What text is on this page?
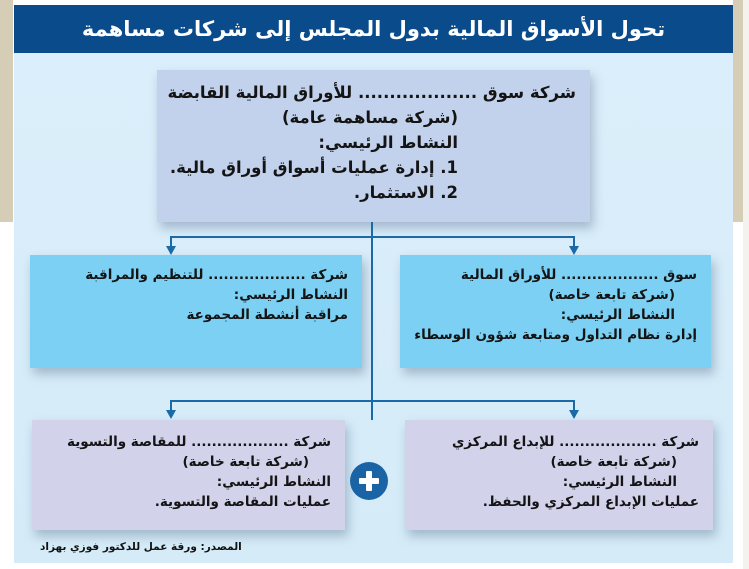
تحول الأسواق المالية بدول المجلس إلى شركات مساهمة
شركة سوق ................... للأوراق المالية القابضة
(شركة مساهمة عامة)
النشاط الرئيسي:
1. إدارة عمليات أسواق أوراق مالية.
2. الاستثمار.
سوق ................... للأوراق المالية
(شركة تابعة خاصة)
النشاط الرئيسي:
إدارة نظام التداول ومتابعة شؤون الوسطاء
شركة ................... للتنظيم والمراقبة
النشاط الرئيسي:
مراقبة أنشطة المجموعة
شركة ................... للإبداع المركزي
(شركة تابعة خاصة)
النشاط الرئيسي:
عمليات الإبداع المركزي والحفظ.
شركة ................... للمقاصة والتسوية
(شركة تابعة خاصة)
النشاط الرئيسي:
عمليات المقاصة والتسوية.
المصدر: ورقة عمل للدكتور فوزي بهزاد
